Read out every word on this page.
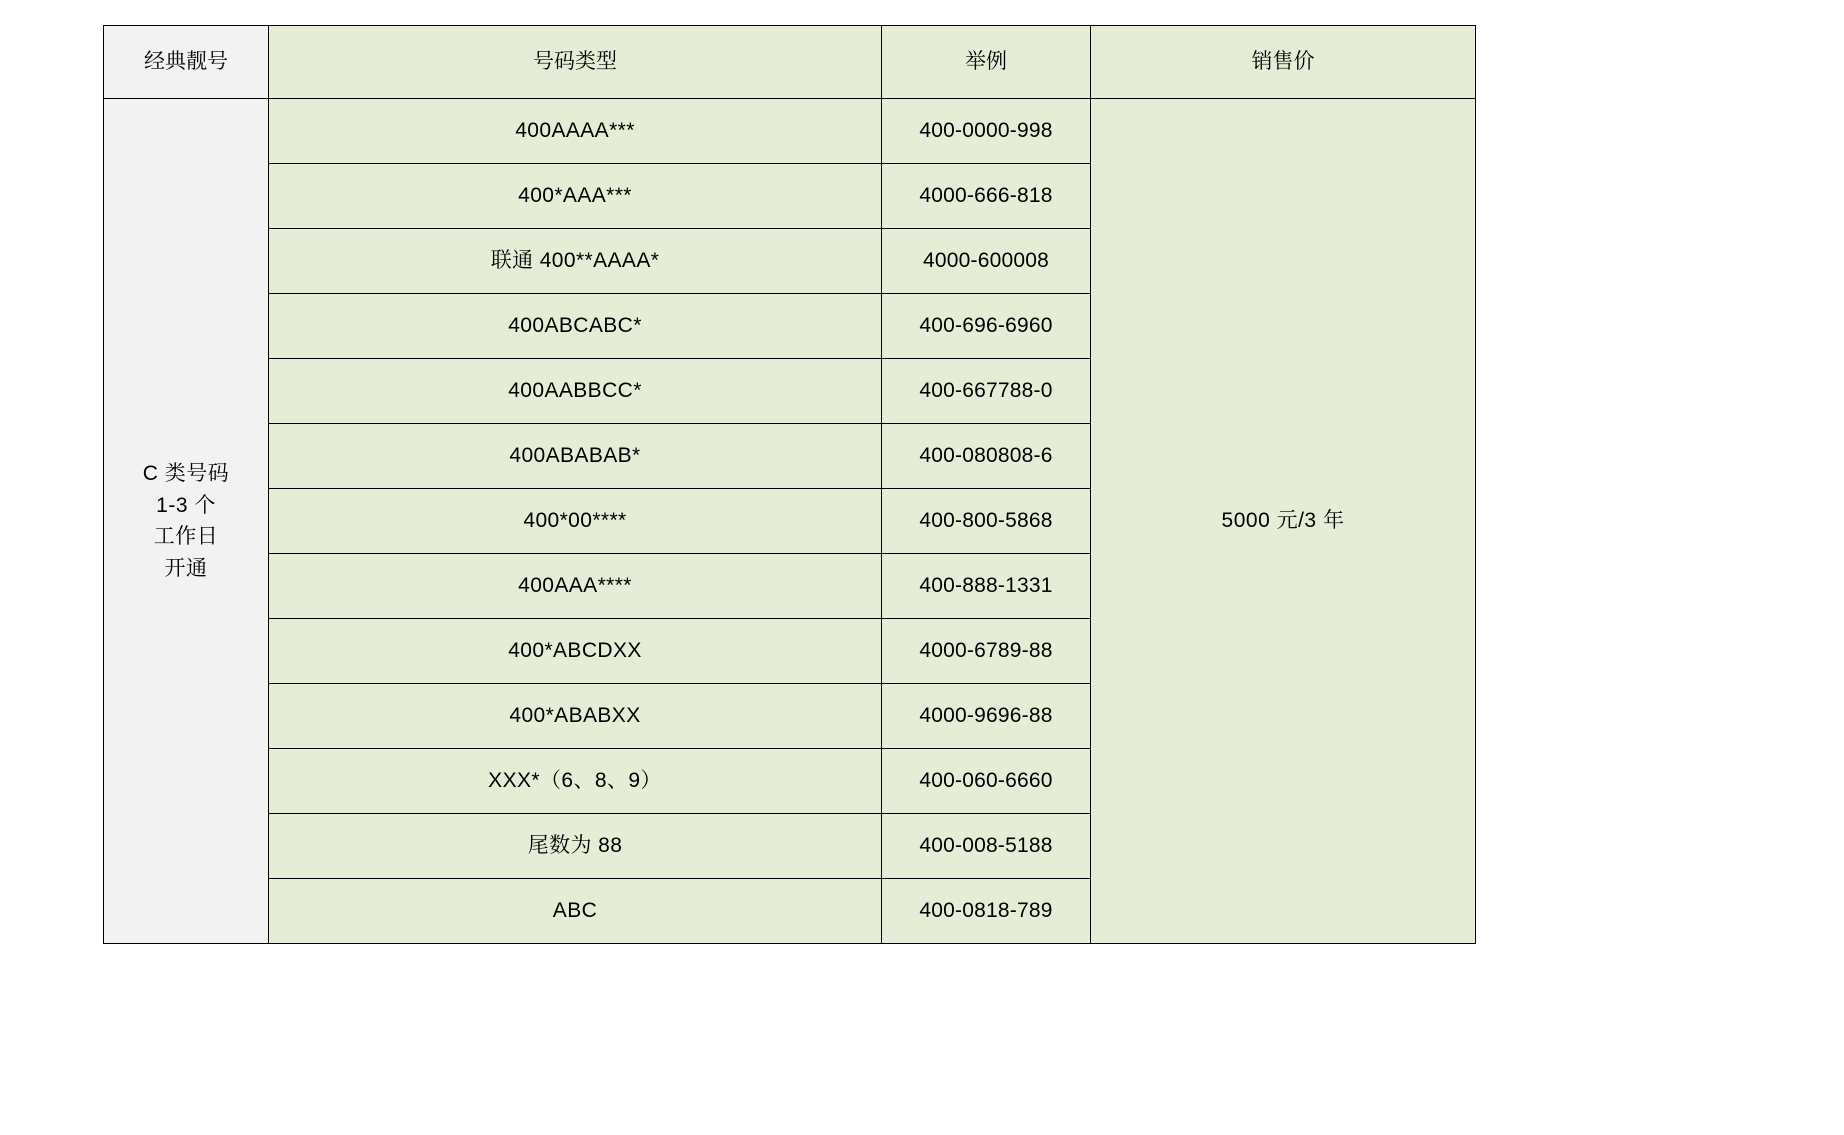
经典靓号	号码类型	举例	销售价

C 类号码
1-3 个
工作日
开通	400AAAA***	400-0000-998	5000 元/3 年
	400*AAA***	4000-666-818	
	联通 400**AAAA*	4000-600008	
	400ABCABC*	400-696-6960	
	400AABBCC*	400-667788-0	
	400ABABAB*	400-080808-6	
	400*00****	400-800-5868	
	400AAA****	400-888-1331	
	400*ABCDXX	4000-6789-88	
	400*ABABXX	4000-9696-88	
	XXX*（6、8、9）	400-060-6660	
	尾数为 88	400-008-5188	
	ABC	400-0818-789	
